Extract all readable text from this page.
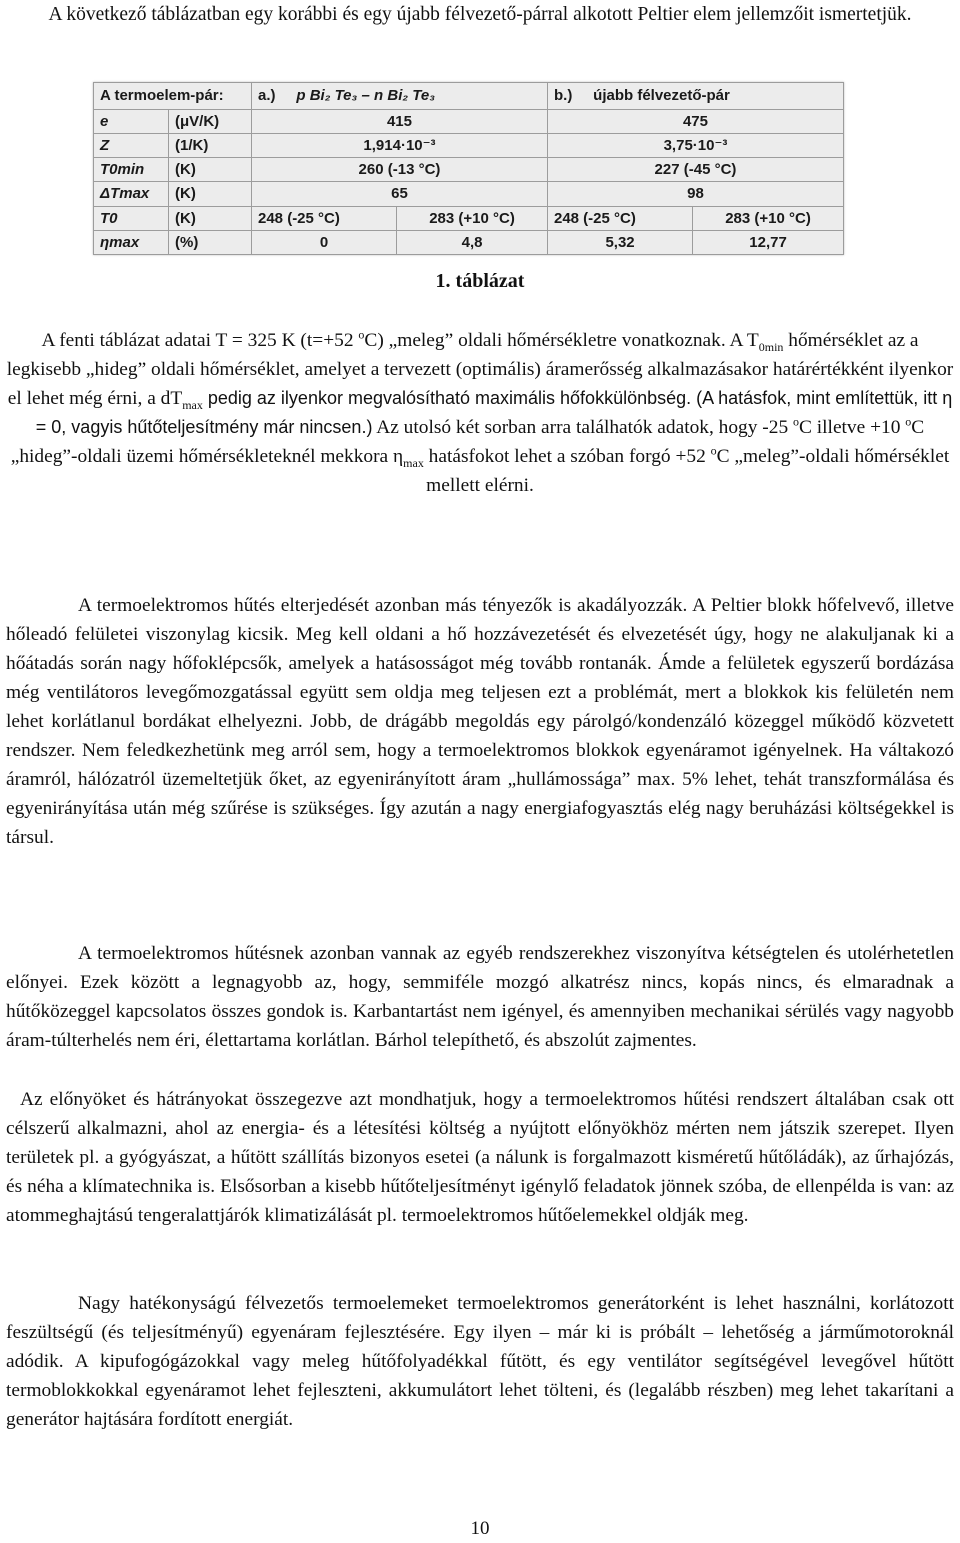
A következő táblázatban egy korábbi és egy újabb félvezető-párral alkotott Peltier elem jellemzőit ismertetjük.
A termoelem-pár:		a.) p Bi₂ Te₃ – n Bi₂ Te₃		b.) újabb félvezető-pár	
e	(μV/K)	415		475	
Z	(1/K)	1,914·10⁻³		3,75·10⁻³	
T0min	(K)	260 (-13 °C)		227 (-45 °C)	
ΔTmax	(K)	65		98	
T0	(K)	248 (-25 °C)	283 (+10 °C)	248 (-25 °C)	283 (+10 °C)
ηmax	(%)	0	4,8	5,32	12,77
1. táblázat
A fenti táblázat adatai T = 325 K (t=+52 $^o$C) „meleg” oldali hőmérsékletre vonatkoznak. A $T_{0min}$ hőmérséklet az a legkisebb „hideg” oldali hőmérséklet, amelyet a tervezett (optimális) áramerősség alkalmazásakor határértékként ilyenkor el lehet még érni, a $dT_{max}$ pedig az ilyenkor megvalósítható maximális hőfokkülönbség. (A hatásfok, mint említettük, itt η = 0, vagyis hűtőteljesítmény már nincsen.) Az utolsó két sorban arra találhatók adatok, hogy -25 $^o$C illetve +10 $^o$C „hideg”-oldali üzemi hőmérsékleteknél mekkora $\eta_{max}$ hatásfokot lehet a szóban forgó +52 $^o$C „meleg”-oldali hőmérséklet mellett elérni.
A termoelektromos hűtés elterjedését azonban más tényezők is akadályozzák. A Peltier blokk hőfelvevő, illetve hőleadó felületei viszonylag kicsik. Meg kell oldani a hő hozzávezetését és elvezetését úgy, hogy ne alakuljanak ki a hőátadás során nagy hőfoklépcsők, amelyek a hatásosságot még tovább rontanák. Ámde a felületek egyszerű bordázása még ventilátoros levegőmozgatással együtt sem oldja meg teljesen ezt a problémát, mert a blokkok kis felületén nem lehet korlátlanul bordákat elhelyezni. Jobb, de drágább megoldás egy párolgó/kondenzáló közeggel működő közvetett rendszer. Nem feledkezhetünk meg arról sem, hogy a termoelektromos blokkok egyenáramot igényelnek. Ha váltakozó áramról, hálózatról üzemeltetjük őket, az egyenirányított áram „hullámossága” max. 5% lehet, tehát transzformálása és egyenirányítása után még szűrése is szükséges. Így azután a nagy energiafogyasztás elég nagy beruházási költségekkel is társul.
A termoelektromos hűtésnek azonban vannak az egyéb rendszerekhez viszonyítva kétségtelen és utolérhetetlen előnyei. Ezek között a legnagyobb az, hogy, semmiféle mozgó alkatrész nincs, kopás nincs, és elmaradnak a hűtőközeggel kapcsolatos összes gondok is. Karbantartást nem igényel, és amennyiben mechanikai sérülés vagy nagyobb áram-túlterhelés nem éri, élettartama korlátlan. Bárhol telepíthető, és abszolút zajmentes.
Az előnyöket és hátrányokat összegezve azt mondhatjuk, hogy a termoelektromos hűtési rendszert általában csak ott célszerű alkalmazni, ahol az energia- és a létesítési költség a nyújtott előnyökhöz mérten nem játszik szerepet. Ilyen területek pl. a gyógyászat, a hűtött szállítás bizonyos esetei (a nálunk is forgalmazott kisméretű hűtőládák), az űrhajózás, és néha a klímatechnika is. Elsősorban a kisebb hűtőteljesítményt igénylő feladatok jönnek szóba, de ellenpélda is van: az atommeghajtású tengeralattjárók klimatizálását pl. termoelektromos hűtőelemekkel oldják meg.
Nagy hatékonyságú félvezetős termoelemeket termoelektromos generátorként is lehet használni, korlátozott feszültségű (és teljesítményű) egyenáram fejlesztésére. Egy ilyen – már ki is próbált – lehetőség a járműmotoroknál adódik. A kipufogógázokkal vagy meleg hűtőfolyadékkal fűtött, és egy ventilátor segítségével levegővel hűtött termoblokkokkal egyenáramot lehet fejleszteni, akkumulátort lehet tölteni, és (legalább részben) meg lehet takarítani a generátor hajtására fordított energiát.
10
